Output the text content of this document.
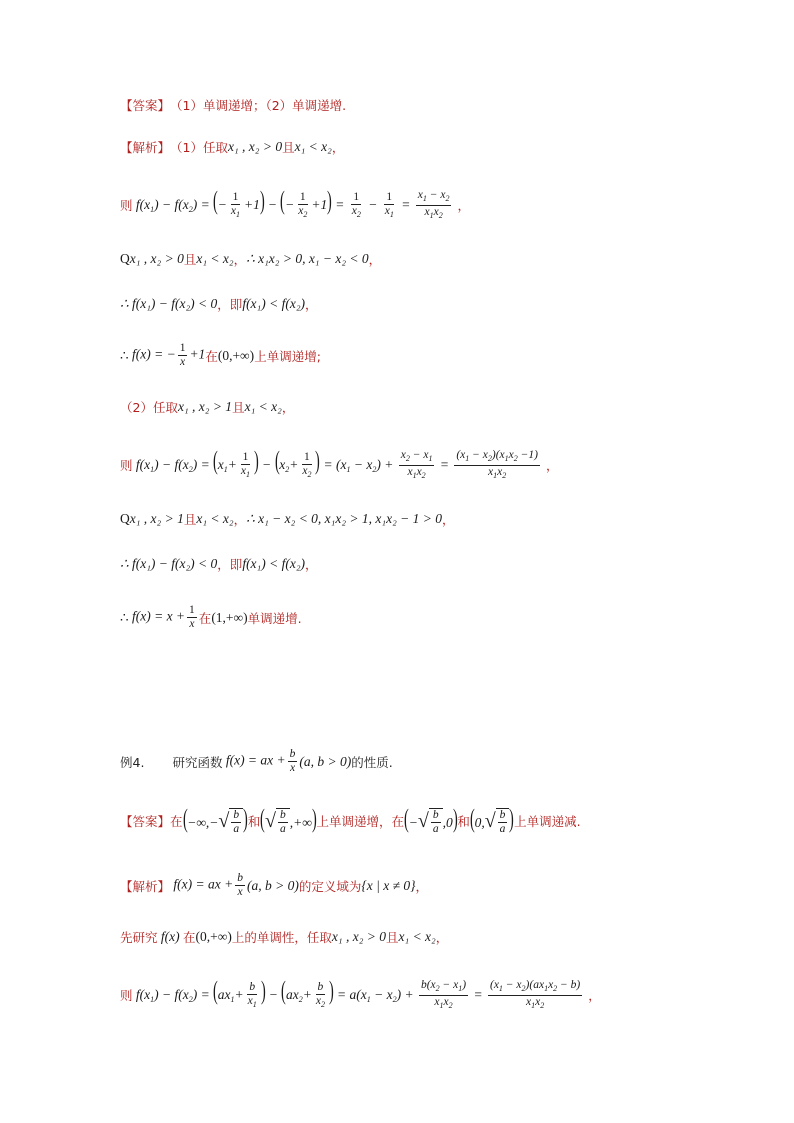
【答案】 （1）单调递增；（2）单调递增.
【解析】 （1）任取 x₁ , x₂ > 0 且 x₁ < x₂ ，
则 $f(x_1) - f(x_2)$ = (− $\frac{1}{x_1} +1$) − (− $\frac{1}{x_2} +1) = \frac{1}{x_2} - \frac{1}{x_1} = \frac{x_1 - x_2}{x_1x_2}$ ，
Q x₁ , x₂ > 0 且 x₁ < x₂ ， ∴ x₁x₂ > 0, x₁ − x₂ < 0 ，
∴ f(x₁) − f(x₂) < 0 ，即 f(x₁) < f(x₂) ，
∴ f(x) = − $\frac{1}{x} +1$ 在 (0,+∞) 上单调递增;
（2）任取 x₁ , x₂ > 1 且 x₁ < x₂ ，
则 $f(x_1) - f(x_2) = (x_1+ \frac{1}{x_1}$ ) − ($x_2+ \frac{1}{x_2}$ ) = $(x_1 - x_2) + \frac{x_2 - x_1}{x_1x_2} = \frac{(x_1 - x_2)(x_1x_2 -1)}{x_1x_2}$ ，
Q x₁ , x₂ > 1 且 x₁ < x₂ ， ∴ x₁ − x₂ < 0, x₁x₂ > 1, x₁x₂ − 1 > 0 ，
∴ f(x₁) − f(x₂) < 0 ，即 f(x₁) < f(x₂) ，
∴ $f(x) = x + \frac{1}{x}$ 在 (1,+∞) 单调递增.
例4. 研究函数 f(x) = ax + $\frac{b}{x} (a$, b > 0) 的性质.
【答案】 在 (−∞,− √ $\frac{b}{a}$ ) 和 ( √ $\frac{b}{a}$ ,+∞) 上单调递增，在 (− √ $\frac{b}{a} ,0$) 和 (0, √ $\frac{b}{a}$ ) 上单调递减.
【解析】 f(x) = ax + $\frac{b}{x} (a$, b > 0) 的定义域为 {x | x ≠ 0} ，
先研究 f(x) 在 (0,+∞) 上的单调性，任取 x₁ , x₂ > 0 且 x₁ < x₂ ，
则 $f(x_1) - f(x_2) = (ax_1+ \frac{b}{x_1}$ ) − ($ax_2+ \frac{b}{x_2}$ ) = $a(x_1 - x_2) + \frac{b(x_2 - x_1)}{x_1x_2} = \frac{(x_1 - x_2)(ax_1x_2 - b)}{x_1x_2}$ ，
